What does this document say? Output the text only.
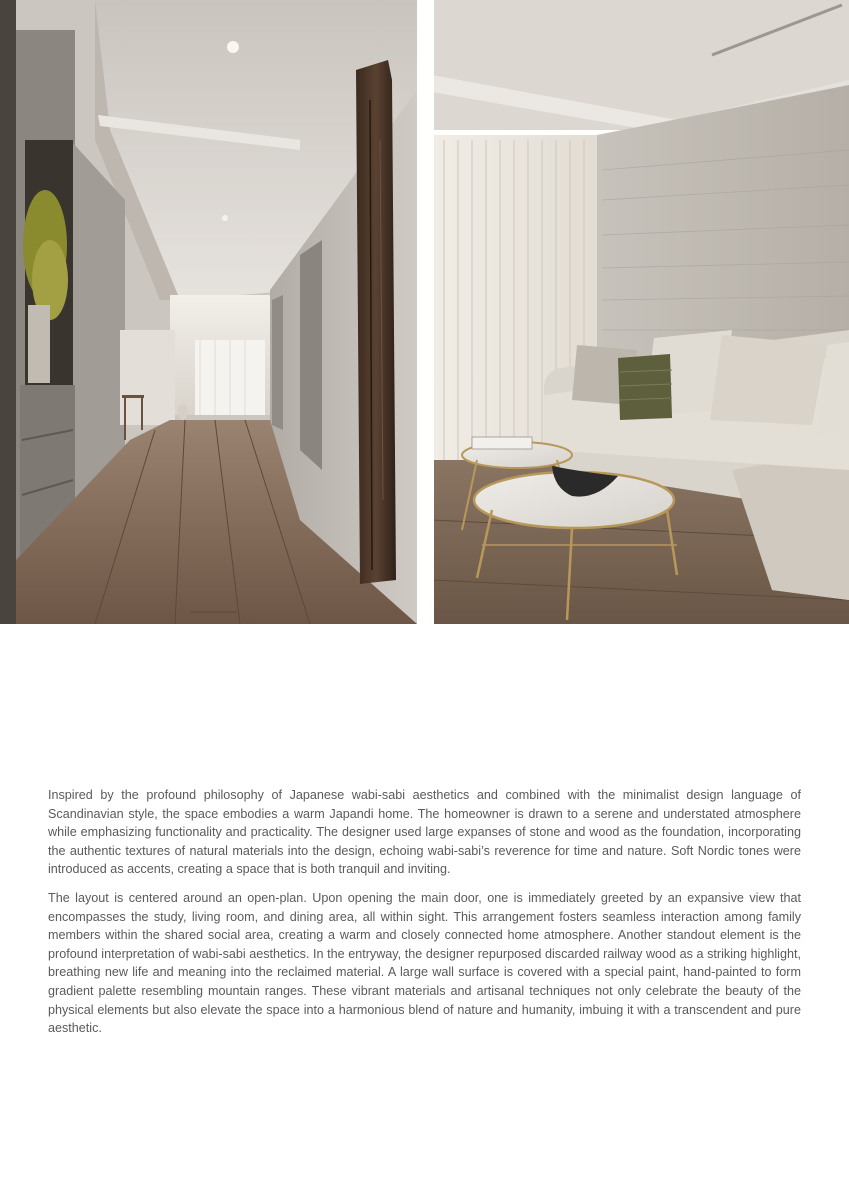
Inspired by the profound philosophy of Japanese wabi-sabi aesthetics and combined with the minimalist design language of Scandinavian style, the space embodies a warm Japandi home. The homeowner is drawn to a serene and understated atmosphere while emphasizing functionality and practicality. The designer used large expanses of stone and wood as the foundation, incorporating the authentic textures of natural materials into the design, echoing wabi-sabi’s reverence for time and nature. Soft Nordic tones were introduced as accents, creating a space that is both tranquil and inviting.

The layout is centered around an open-plan. Upon opening the main door, one is immediately greeted by an expansive view that encompasses the study, living room, and dining area, all within sight. This arrangement fosters seamless interaction among family members within the shared social area, creating a warm and closely connected home atmosphere. Another standout element is the profound interpretation of wabi-sabi aesthetics. In the entryway, the designer repurposed discarded railway wood as a striking highlight, breathing new life and meaning into the reclaimed material. A large wall surface is covered with a special paint, hand-painted to form gradient palette resembling mountain ranges. These vibrant materials and artisanal techniques not only celebrate the beauty of the physical elements but also elevate the space into a harmonious blend of nature and humanity, imbuing it with a transcendent and pure aesthetic.
